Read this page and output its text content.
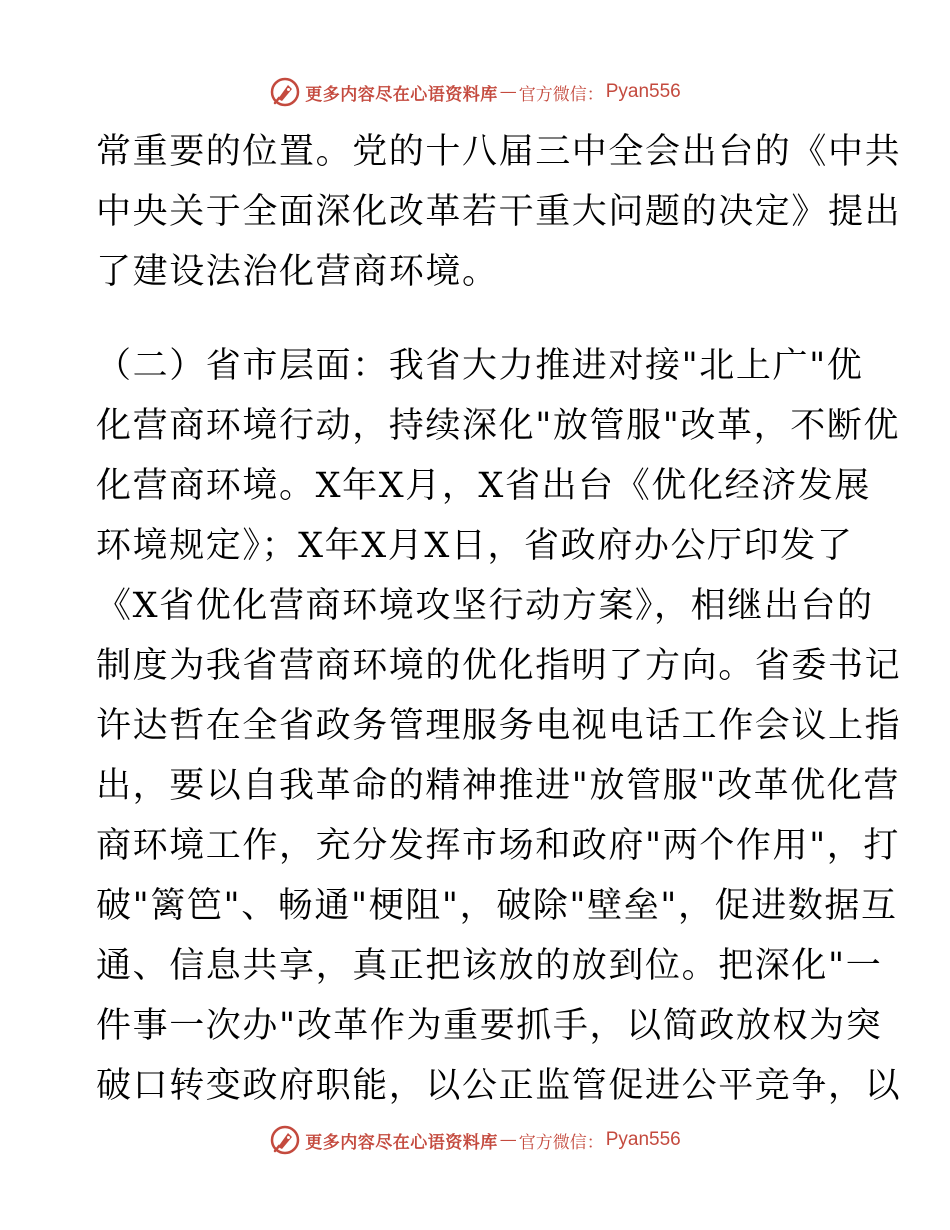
更多内容尽在心语资料库 — 官方微信： Pyan556
常重要的位置。党的十八届三中全会出台的《中共
中央关于全面深化改革若干重大问题的决定》提出
了建设法治化营商环境。
（二）省市层面：我省大力推进对接"北上广"优
化营商环境行动，持续深化"放管服"改革，不断优
化营商环境。X年X月，X省出台《优化经济发展
环境规定》；X年X月X日，省政府办公厅印发了
《X省优化营商环境攻坚行动方案》，相继出台的
制度为我省营商环境的优化指明了方向。省委书记
许达哲在全省政务管理服务电视电话工作会议上指
出，要以自我革命的精神推进"放管服"改革优化营
商环境工作，充分发挥市场和政府"两个作用"，打
破"篱笆"、畅通"梗阻"，破除"壁垒"，促进数据互
通、信息共享，真正把该放的放到位。把深化"一
件事一次办"改革作为重要抓手，以简政放权为突
破口转变政府职能，以公正监管促进公平竞争，以
更多内容尽在心语资料库 — 官方微信： Pyan556
